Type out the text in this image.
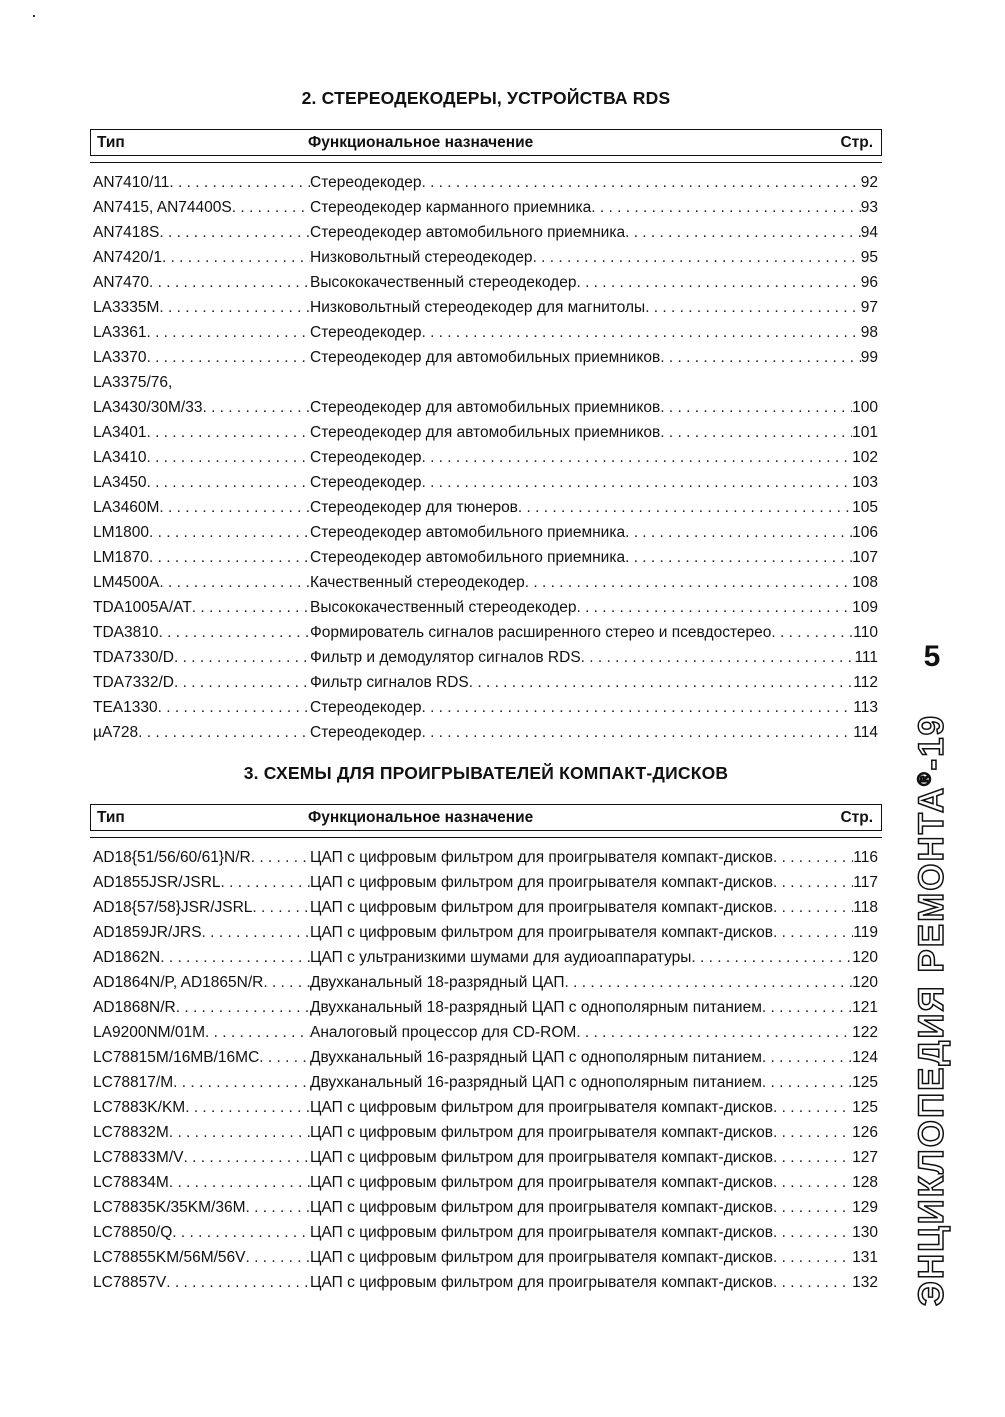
2. СТЕРЕОДЕКОДЕРЫ, УСТРОЙСТВА RDS
Тип	Функциональное назначение	Стр.
AN7410/11 . . .	Стереодекодер . . .	92
AN7415, AN74400S . . .	Стереодекодер карманного приемника . . .	93
AN7418S . . .	Стереодекодер автомобильного приемника . . .	94
AN7420/1 . . .	Низковольтный стереодекодер . . .	95
AN7470 . . .	Высококачественный стереодекодер . . .	96
LA3335M . . .	Низковольтный стереодекодер для магнитолы . . .	97
LA3361 . . .	Стереодекодер . . .	98
LA3370 . . .	Стереодекодер для автомобильных приемников . . .	99
LA3375/76,
LA3430/30M/33 . . .	Стереодекодер для автомобильных приемников . . .	100
LA3401 . . .	Стереодекодер для автомобильных приемников . . .	101
LA3410 . . .	Стереодекодер . . .	102
LA3450 . . .	Стереодекодер . . .	103
LA3460M . . .	Стереодекодер для тюнеров . . .	105
LM1800 . . .	Стереодекодер автомобильного приемника . . .	106
LM1870 . . .	Стереодекодер автомобильного приемника . . .	107
LM4500A . . .	Качественный стереодекодер . . .	108
TDA1005A/AT . . .	Высококачественный стереодекодер . . .	109
TDA3810 . . .	Формирователь сигналов расширенного стерео и псевдостерео . . .	110
TDA7330/D . . .	Фильтр и демодулятор сигналов RDS . . .	111
TDA7332/D . . .	Фильтр сигналов RDS . . .	112
TEA1330 . . .	Стереодекодер . . .	113
µA728 . . .	Стереодекодер . . .	114
3. СХЕМЫ ДЛЯ ПРОИГРЫВАТЕЛЕЙ КОМПАКТ-ДИСКОВ
Тип	Функциональное назначение	Стр.
AD18{51/56/60/61}N/R . . .	ЦАП с цифровым фильтром для проигрывателя компакт-дисков . . .	116
AD1855JSR/JSRL . . .	ЦАП с цифровым фильтром для проигрывателя компакт-дисков . . .	117
AD18{57/58}JSR/JSRL . . .	ЦАП с цифровым фильтром для проигрывателя компакт-дисков . . .	118
AD1859JR/JRS . . .	ЦАП с цифровым фильтром для проигрывателя компакт-дисков . . .	119
AD1862N . . .	ЦАП с ультранизкими шумами для аудиоаппаратуры . . .	120
AD1864N/P, AD1865N/R . . .	Двухканальный 18-разрядный ЦАП . . .	120
AD1868N/R . . .	Двухканальный 18-разрядный ЦАП с однополярным питанием . . .	121
LA9200NM/01M . . .	Аналоговый процессор для CD-ROM . . .	122
LC78815M/16MB/16MC . . .	Двухканальный 16-разрядный ЦАП с однополярным питанием . . .	124
LC78817/M . . .	Двухканальный 16-разрядный ЦАП с однополярным питанием . . .	125
LC7883K/KM . . .	ЦАП с цифровым фильтром для проигрывателя компакт-дисков . . .	125
LC78832M . . .	ЦАП с цифровым фильтром для проигрывателя компакт-дисков . . .	126
LC78833M/V . . .	ЦАП с цифровым фильтром для проигрывателя компакт-дисков . . .	127
LC78834M . . .	ЦАП с цифровым фильтром для проигрывателя компакт-дисков . . .	128
LC78835K/35KM/36M . . .	ЦАП с цифровым фильтром для проигрывателя компакт-дисков . . .	129
LC78850/Q . . .	ЦАП с цифровым фильтром для проигрывателя компакт-дисков . . .	130
LC78855KM/56M/56V . . .	ЦАП с цифровым фильтром для проигрывателя компакт-дисков . . .	131
LC78857V . . .	ЦАП с цифровым фильтром для проигрывателя компакт-дисков . . .	132
5
ЭНЦИКЛОПЕДИЯ РЕМОНТА®-19
